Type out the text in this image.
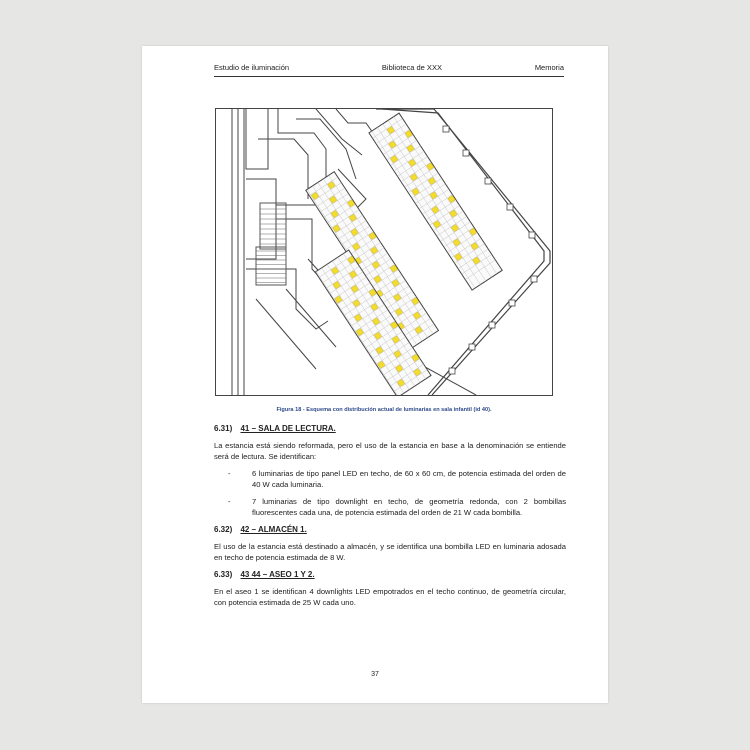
Estudio de iluminación	Biblioteca de XXX	Memoria
Figura 18 - Esquema con distribución actual de luminarias en sala infantil (id 40).
6.31) 41 – SALA DE LECTURA.

La estancia está siendo reformada, pero el uso de la estancia en base a la denominación se entiende será de lectura. Se identifican:

-	6 luminarias de tipo panel LED en techo, de 60 x 60 cm, de potencia estimada del orden de 40 W cada luminaria.
-	7 luminarias de tipo downlight en techo, de geometría redonda, con 2 bombillas fluorescentes cada una, de potencia estimada del orden de 21 W cada bombilla.
6.32) 42 – ALMACÉN 1.

El uso de la estancia está destinado a almacén, y se identifica una bombilla LED en luminaria adosada en techo de potencia estimada de 8 W.

6.33) 43 44 – ASEO 1 Y 2.

En el aseo 1 se identifican 4 downlights LED empotrados en el techo continuo, de geometría circular, con potencia estimada de 25 W cada uno.

37
